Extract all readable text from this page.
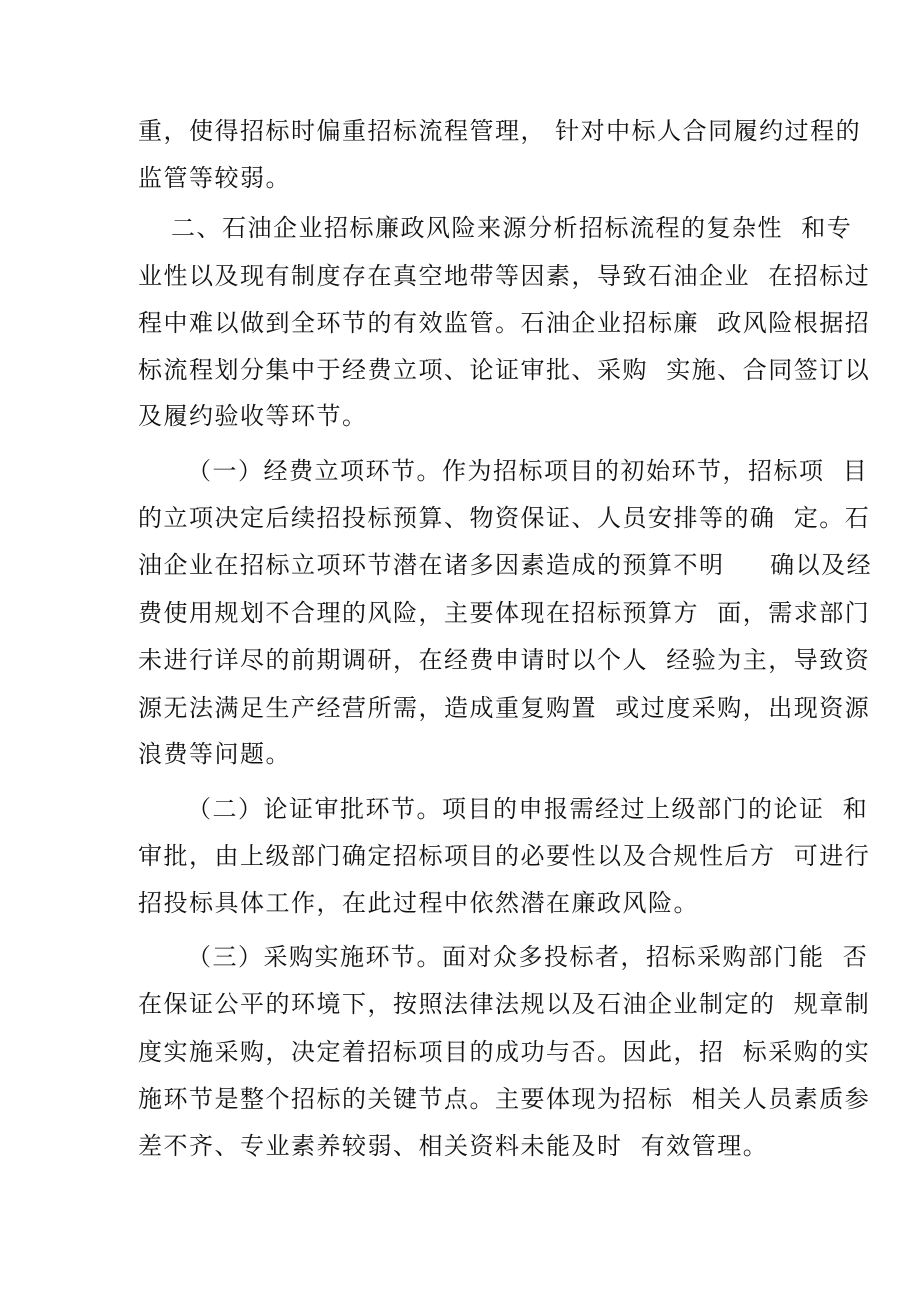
重，使得招标时偏重招标流程管理， 针对中标人合同履约过程的
监管等较弱。
二、石油企业招标廉政风险来源分析招标流程的复杂性  和专
业性以及现有制度存在真空地带等因素，导致石油企业  在招标过
程中难以做到全环节的有效监管。石油企业招标廉  政风险根据招
标流程划分集中于经费立项、论证审批、采购  实施、合同签订以
及履约验收等环节。
（一）经费立项环节。作为招标项目的初始环节，招标项  目
的立项决定后续招投标预算、物资保证、人员安排等的确  定。石
油企业在招标立项环节潜在诸多因素造成的预算不明     确以及经
费使用规划不合理的风险，主要体现在招标预算方  面，需求部门
未进行详尽的前期调研，在经费申请时以个人  经验为主，导致资
源无法满足生产经营所需，造成重复购置  或过度采购，出现资源
浪费等问题。
（二）论证审批环节。项目的申报需经过上级部门的论证  和
审批，由上级部门确定招标项目的必要性以及合规性后方  可进行
招投标具体工作，在此过程中依然潜在廉政风险。
（三）采购实施环节。面对众多投标者，招标采购部门能  否
在保证公平的环境下，按照法律法规以及石油企业制定的  规章制
度实施采购，决定着招标项目的成功与否。因此，招  标采购的实
施环节是整个招标的关键节点。主要体现为招标  相关人员素质参
差不齐、专业素养较弱、相关资料未能及时  有效管理。
